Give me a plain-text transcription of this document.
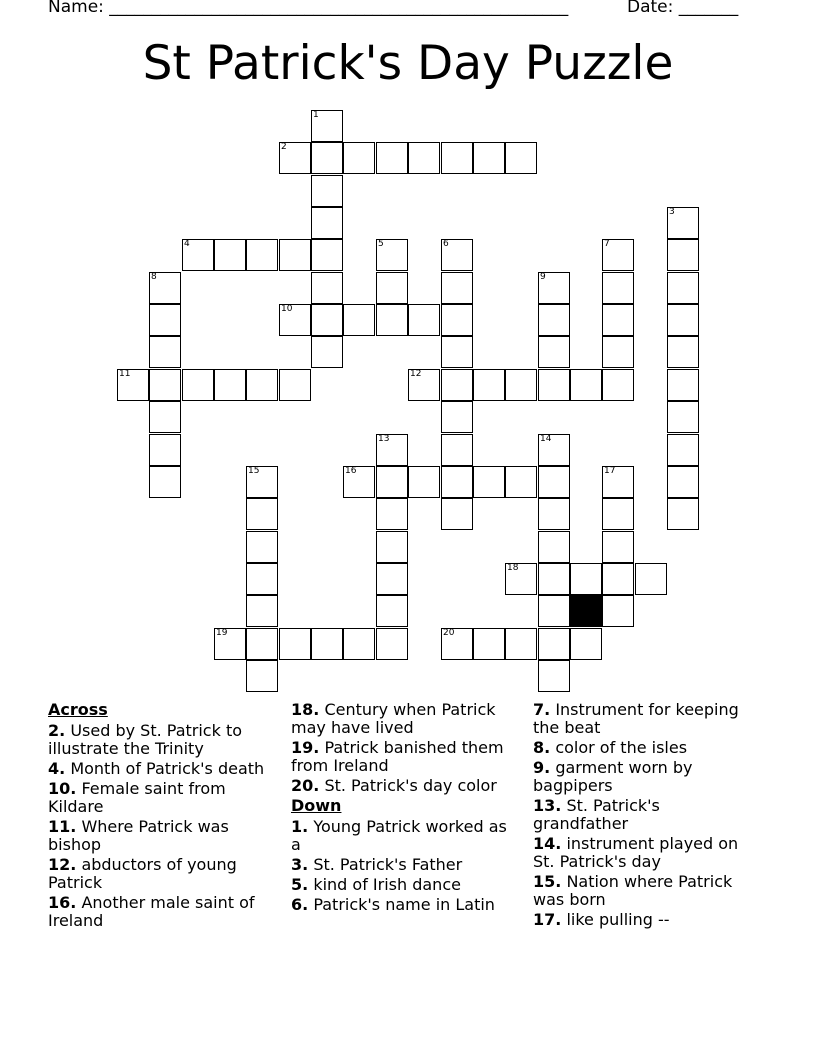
Name: ______________________________________________________	Date: _______
St Patrick's Day Puzzle
1
2
3
4	5	6	7
8	9
10
11	12
13	14
15	16	17
18
19	20
Across
2. Used by St. Patrick to illustrate the Trinity
4. Month of Patrick's death
10. Female saint from Kildare
11. Where Patrick was bishop
12. abductors of young Patrick
16. Another male saint of Ireland
18. Century when Patrick may have lived
19. Patrick banished them from Ireland
20. St. Patrick's day color
Down
1. Young Patrick worked as a
3. St. Patrick's Father
5. kind of Irish dance
6. Patrick's name in Latin
7. Instrument for keeping the beat
8. color of the isles
9. garment worn by bagpipers
13. St. Patrick's grandfather
14. instrument played on St. Patrick's day
15. Nation where Patrick was born
17. like pulling --
